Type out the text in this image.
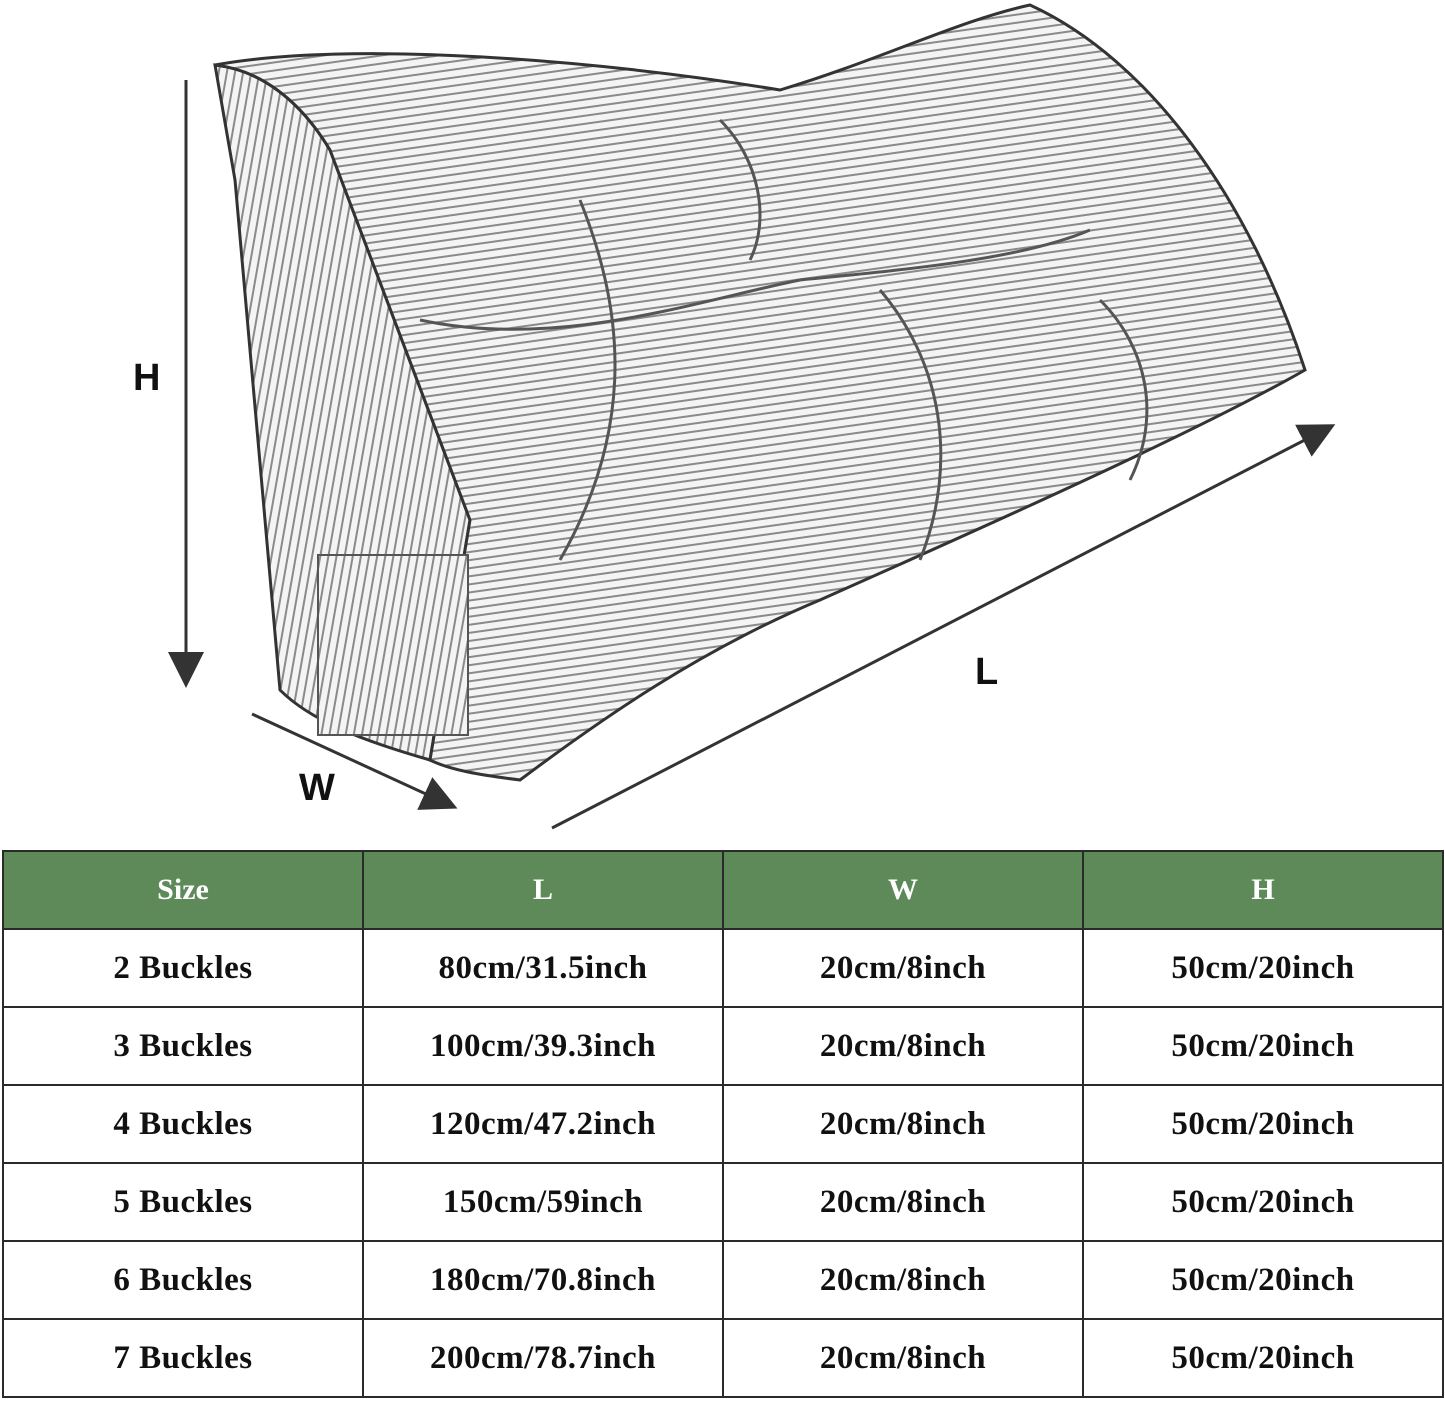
H
W
L
Size	L	W	H
2 Buckles	80cm/31.5inch	20cm/8inch	50cm/20inch
3 Buckles	100cm/39.3inch	20cm/8inch	50cm/20inch
4 Buckles	120cm/47.2inch	20cm/8inch	50cm/20inch
5 Buckles	150cm/59inch	20cm/8inch	50cm/20inch
6 Buckles	180cm/70.8inch	20cm/8inch	50cm/20inch
7 Buckles	200cm/78.7inch	20cm/8inch	50cm/20inch
